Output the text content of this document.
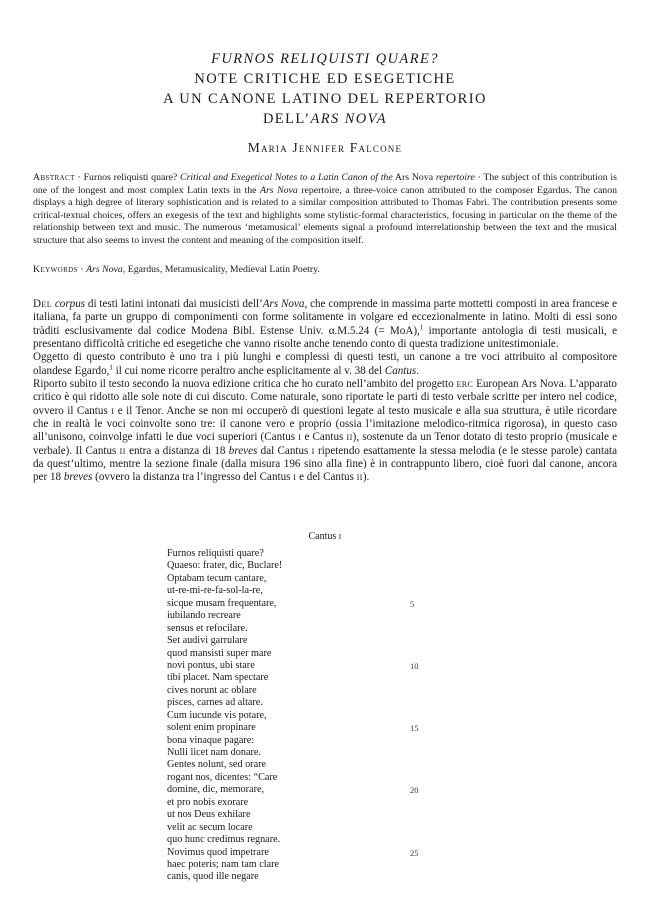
FURNOS RELIQUISTI QUARE?
NOTE CRITICHE ED ESEGETICHE
A UN CANONE LATINO DEL REPERTORIO
DELL’ARS NOVA
Maria Jennifer Falcone
Abstract · Furnos reliquisti quare? Critical and Exegetical Notes to a Latin Canon of the Ars Nova repertoire · The subject of this contribution is one of the longest and most complex Latin texts in the Ars Nova repertoire, a three-voice canon attributed to the composer Egardus. The canon displays a high degree of literary sophistication and is related to a similar composition attributed to Thomas Fabri. The contribution presents some critical-textual choices, offers an exegesis of the text and highlights some stylistic-formal characteristics, focusing in particular on the theme of the relationship between text and music. The numerous ‘metamusical’ elements signal a profound interrelationship between the text and the musical structure that also seems to invest the content and meaning of the composition itself.
Keywords · Ars Nova, Egardus, Metamusicality, Medieval Latin Poetry.

Del corpus di testi latini intonati dai musicisti dell’Ars Nova, che comprende in massima parte mottetti composti in area francese e italiana, fa parte un gruppo di componimenti con forme solitamente in volgare ed eccezionalmente in latino. Molti di essi sono tràditi esclusivamente dal codice Modena Bibl. Estense Univ. α.M.5.24 (= MoA),$^1$ importante antologia di testi musicali, e presentano difficoltà critiche ed esegetiche che vanno risolte anche tenendo conto di questa tradizione unitestimoniale.

Oggetto di questo contributo è uno tra i più lunghi e complessi di questi testi, un canone a tre voci attribuito al compositore olandese Egardo,$^1$ il cui nome ricorre peraltro anche esplicitamente al v. 38 del Cantus.

Riporto subito il testo secondo la nuova edizione critica che ho curato nell’ambito del progetto erc European Ars Nova. L’apparato critico è qui ridotto alle sole note di cui discuto. Come naturale, sono riportate le parti di testo verbale scritte per intero nel codice, ovvero il Cantus i e il Tenor. Anche se non mi occuperò di questioni legate al testo musicale e alla sua struttura, è utile ricordare che in realtà le voci coinvolte sono tre: il canone vero e proprio (ossia l’imitazione melodico-ritmica rigorosa), in questo caso all’unisono, coinvolge infatti le due voci superiori (Cantus i e Cantus ii), sostenute da un Tenor dotato di testo proprio (musicale e verbale). Il Cantus ii entra a distanza di 18 breves dal Cantus i ripetendo esattamente la stessa melodia (e le stesse parole) cantata da quest’ultimo, mentre la sezione finale (dalla misura 196 sino alla fine) è in contrappunto libero, cioè fuori dal canone, ancora per 18 breves (ovvero la distanza tra l’ingresso del Cantus i e del Cantus ii).

Cantus i
Furnos reliquisti quare?
Quaeso: frater, dic, Buclare!
Optabam tecum cantare,
ut-re-mi-re-fa-sol-la-re,
sicque musam frequentare,	5
iubilando recreare
sensus et refocilare.
Set audivi garrulare
quod mansisti super mare
novi pontus, ubi stare	10
tibi placet. Nam spectare
cives norunt ac oblare
pisces, carnes ad altare.
Cum iucunde vis potare,
solent enim propinare	15
bona vinaque pagare:
Nulli licet nam donare.
Gentes nolunt, sed orare
rogant nos, dicentes: “Care
domine, dic, memorare,	20
et pro nobis exorare
ut nos Deus exhilare
velit ac secum locare
quo hunc credimus regnare.
Novimus quod impetrare	25
haec poteris; nam tam clare
canis, quod ille negare
